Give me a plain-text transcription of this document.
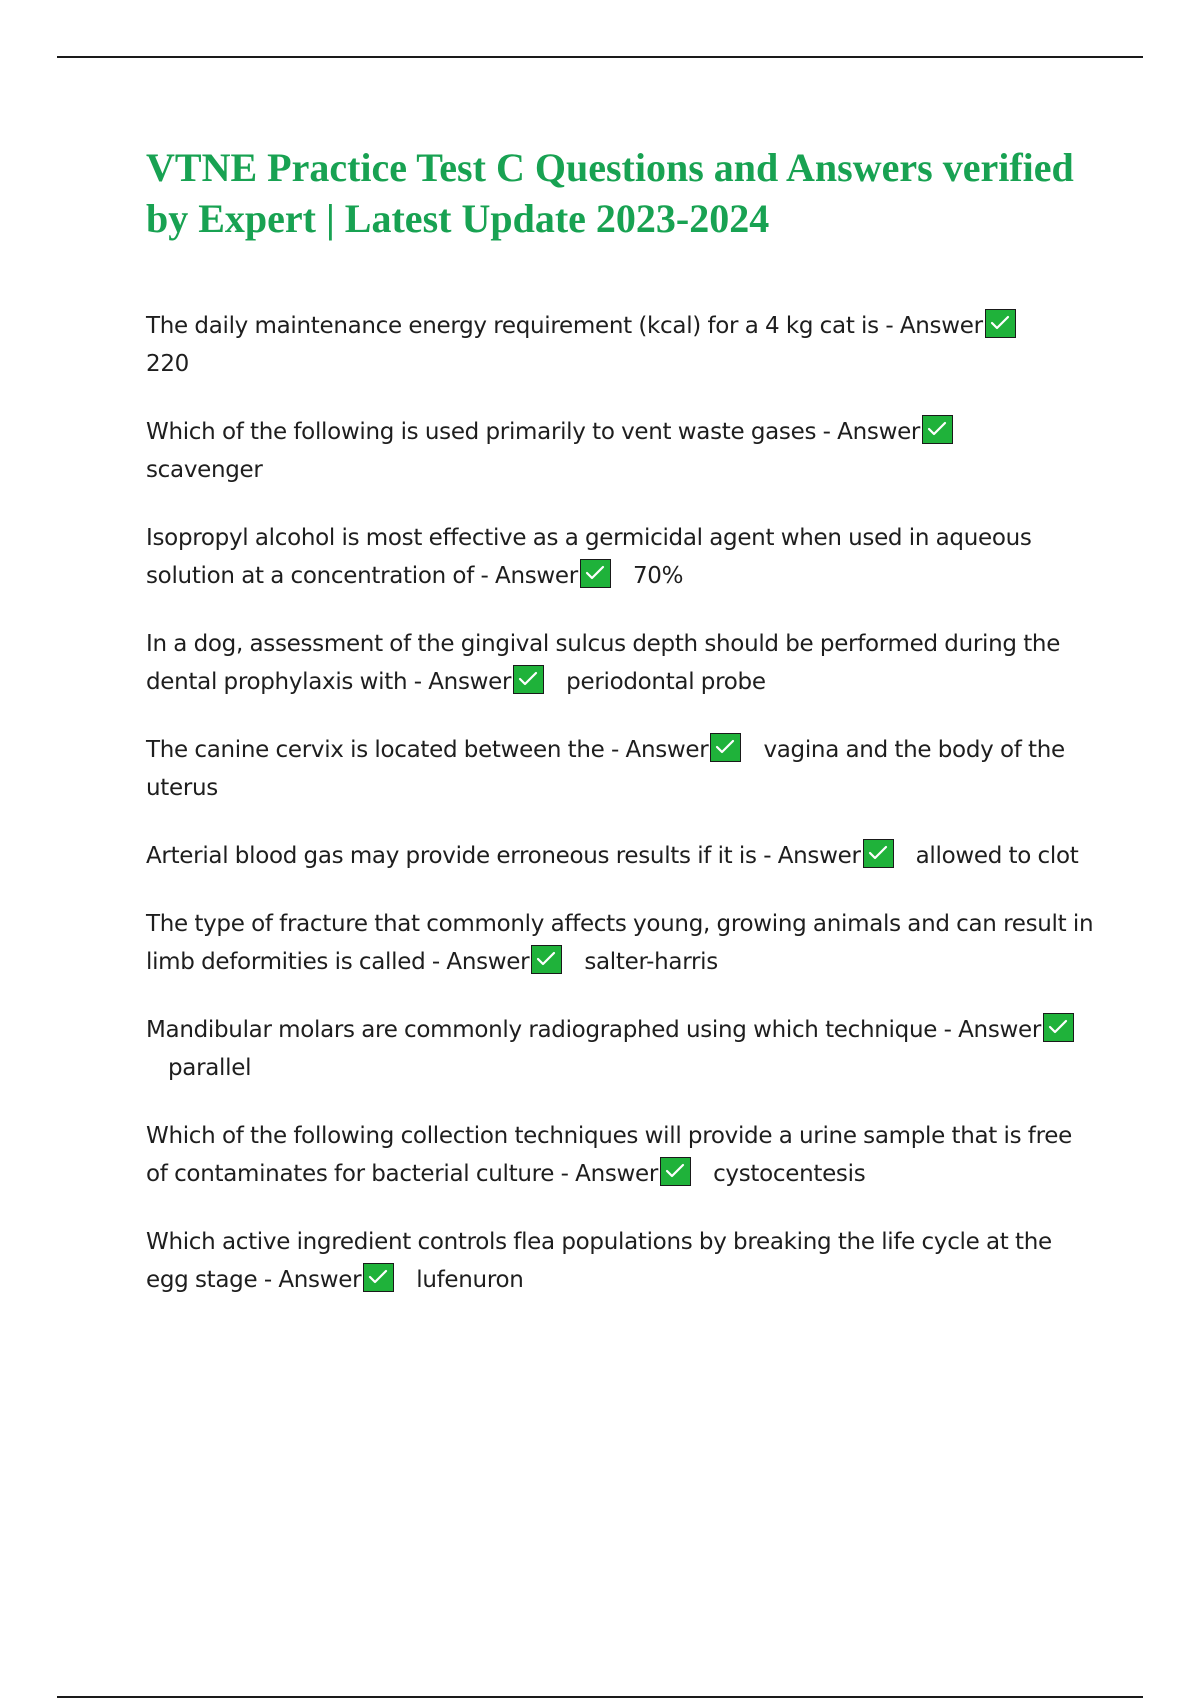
VTNE Practice Test C Questions and Answers verified by Expert | Latest Update 2023-2024
The daily maintenance energy requirement (kcal) for a 4 kg cat is - Answer

220
Which of the following is used primarily to vent waste gases - Answer

scavenger
Isopropyl alcohol is most effective as a germicidal agent when used in aqueous solution at a concentration of - Answer 70%
In a dog, assessment of the gingival sulcus depth should be performed during the dental prophylaxis with - Answer periodontal probe
The canine cervix is located between the - Answer vagina and the body of the uterus
Arterial blood gas may provide erroneous results if it is - Answer allowed to clot
The type of fracture that commonly affects young, growing animals and can result in limb deformities is called - Answer salter-harris
Mandibular molars are commonly radiographed using which technique - Answer
parallel
Which of the following collection techniques will provide a urine sample that is free of contaminates for bacterial culture - Answer cystocentesis
Which active ingredient controls flea populations by breaking the life cycle at the egg stage - Answer lufenuron
